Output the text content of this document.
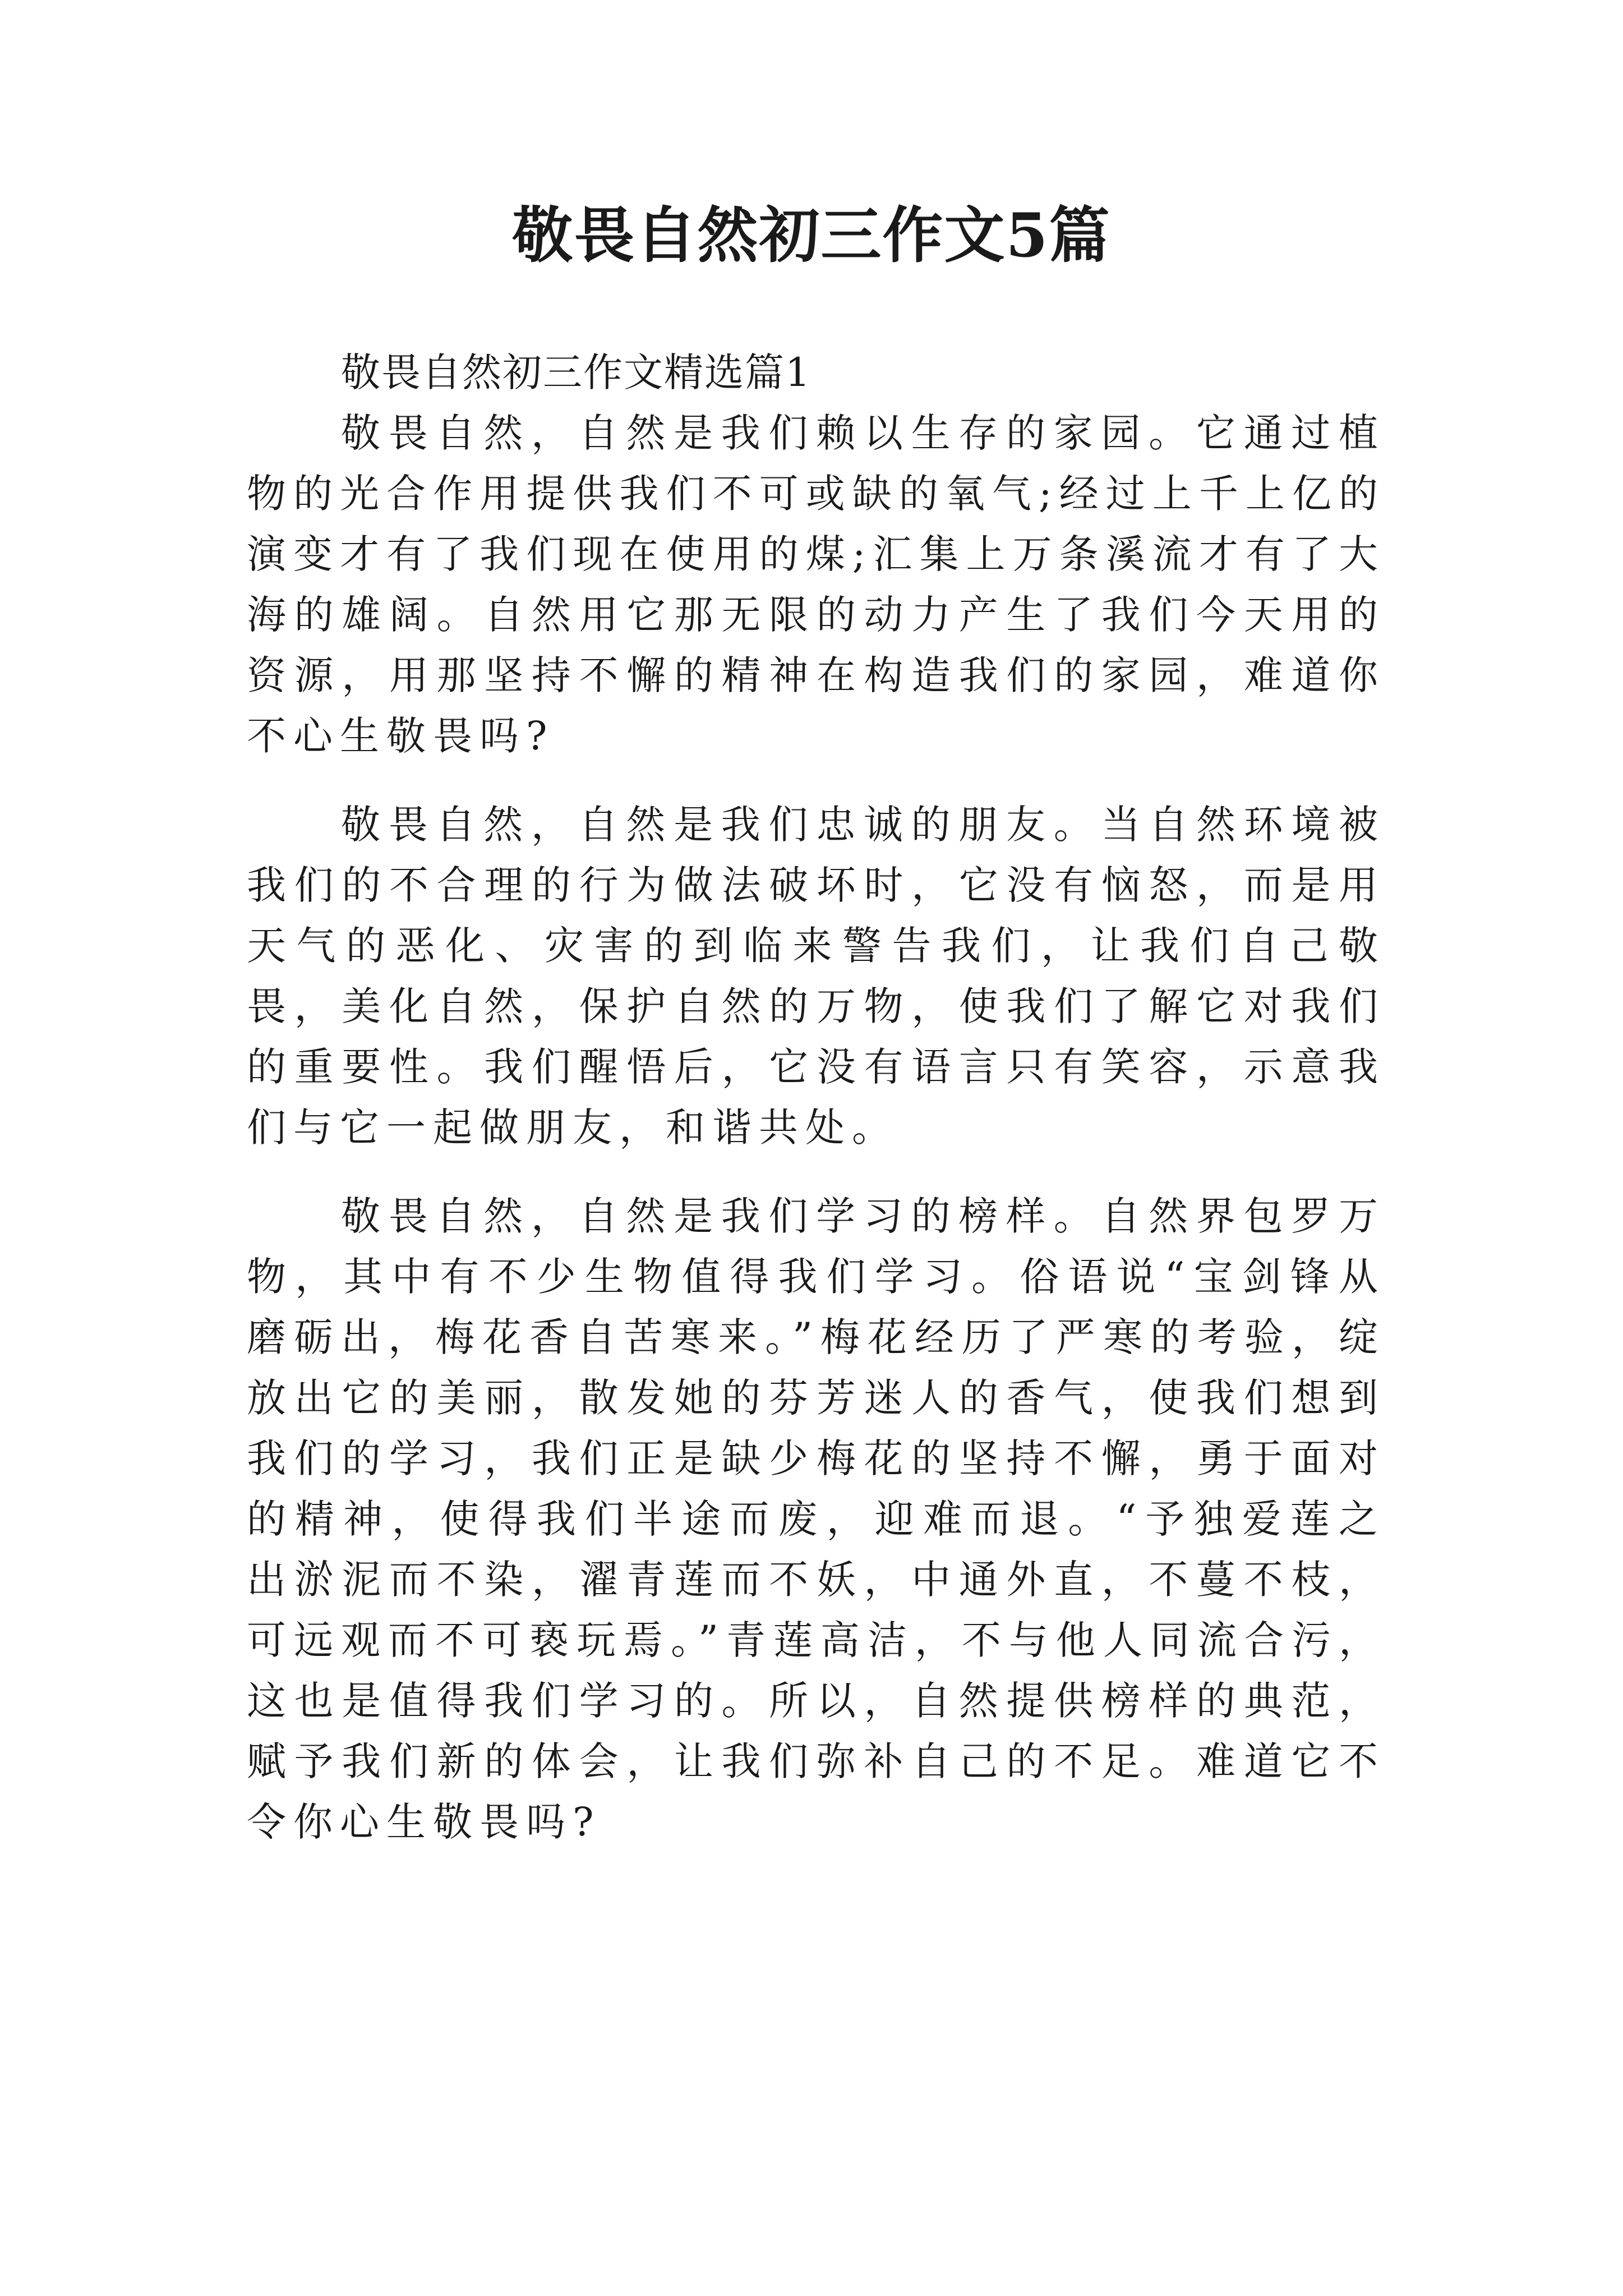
敬畏自然初三作文5篇

敬畏自然初三作文精选篇1

敬畏自然，自然是我们赖以生存的家园。它通过植物的光合作用提供我们不可或缺的氧气;经过上千上亿的演变才有了我们现在使用的煤;汇集上万条溪流才有了大海的雄阔。自然用它那无限的动力产生了我们今天用的资源，用那坚持不懈的精神在构造我们的家园，难道你不心生敬畏吗?

敬畏自然，自然是我们忠诚的朋友。当自然环境被我们的不合理的行为做法破坏时，它没有恼怒，而是用天气的恶化、灾害的到临来警告我们，让我们自己敬畏，美化自然，保护自然的万物，使我们了解它对我们的重要性。我们醒悟后，它没有语言只有笑容，示意我们与它一起做朋友，和谐共处。

敬畏自然，自然是我们学习的榜样。自然界包罗万物，其中有不少生物值得我们学习。俗语说“宝剑锋从磨砺出，梅花香自苦寒来。”梅花经历了严寒的考验，绽放出它的美丽，散发她的芬芳迷人的香气，使我们想到我们的学习，我们正是缺少梅花的坚持不懈，勇于面对的精神，使得我们半途而废，迎难而退。“予独爱莲之出淤泥而不染，濯青莲而不妖，中通外直，不蔓不枝，可远观而不可亵玩焉。”青莲高洁，不与他人同流合污，这也是值得我们学习的。所以，自然提供榜样的典范，赋予我们新的体会，让我们弥补自己的不足。难道它不令你心生敬畏吗?
